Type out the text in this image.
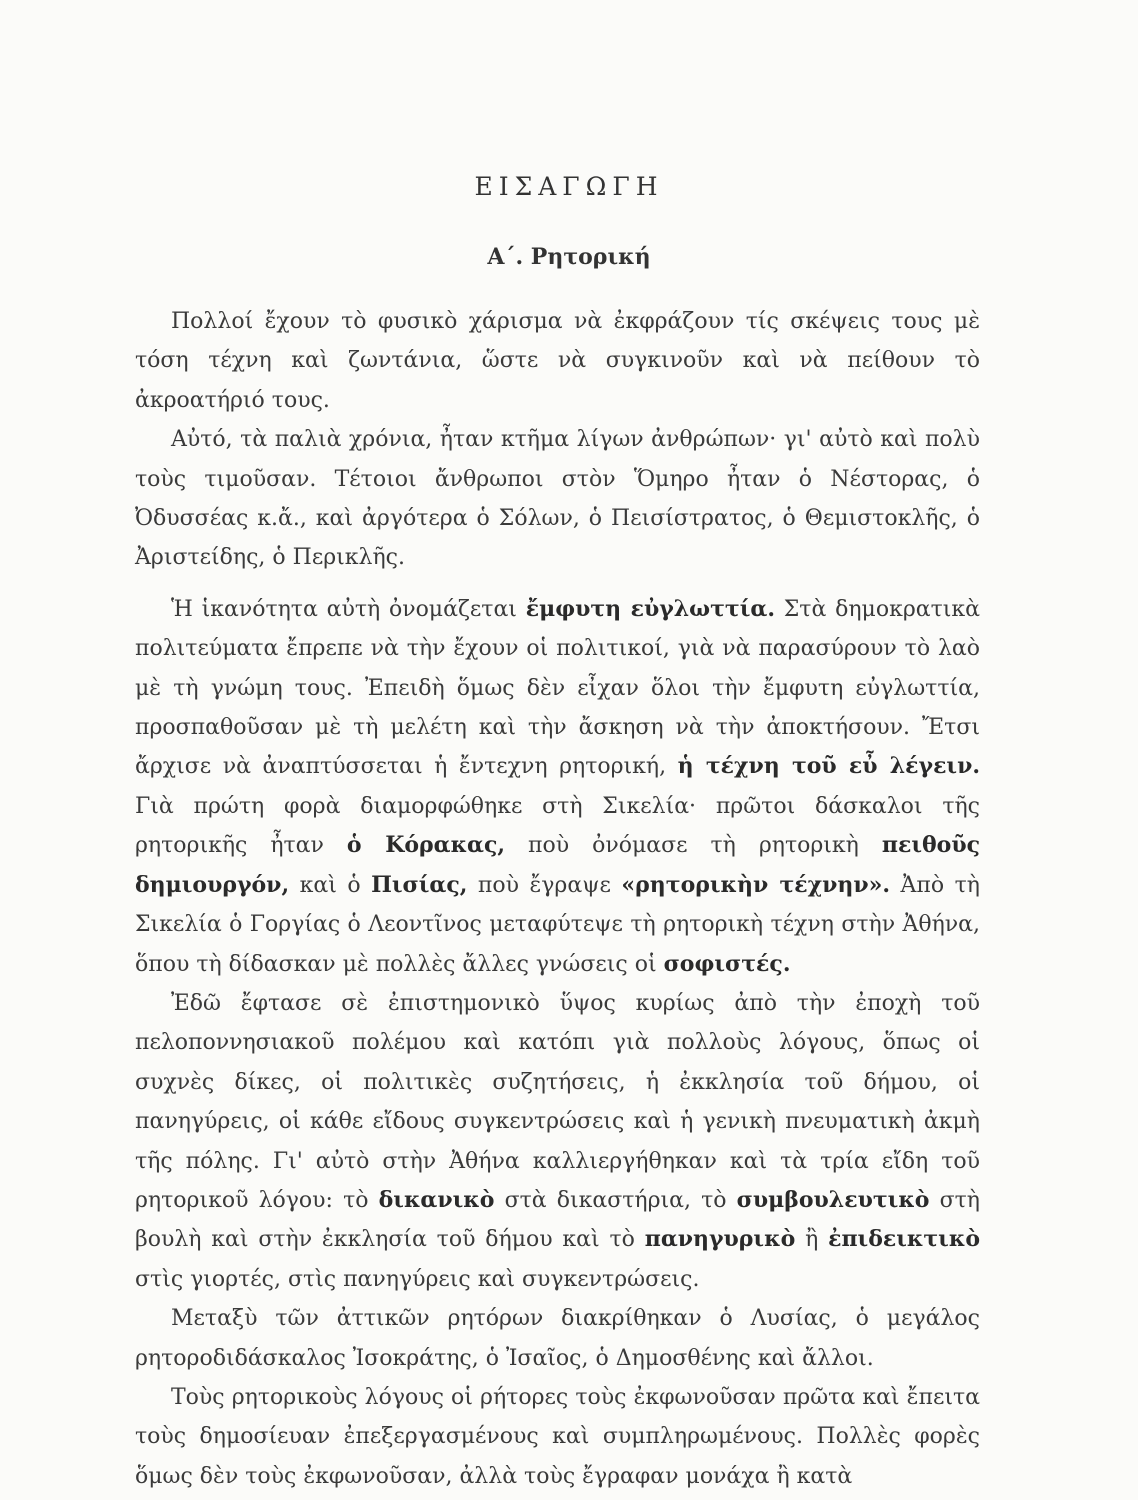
ΕΙΣΑΓΩΓΗ
Α΄. Ρητορική

Πολλοί ἔχουν τὸ φυσικὸ χάρισμα νὰ ἐκφράζουν τίς σκέψεις τους μὲ τόση τέχνη καὶ ζωντάνια, ὥστε νὰ συγκινοῦν καὶ νὰ πείθουν τὸ ἀκροατήριό τους.

Αὐτό, τὰ παλιὰ χρόνια, ἦταν κτῆμα λίγων ἀνθρώπων· γι' αὐτὸ καὶ πολὺ τοὺς τιμοῦσαν. Τέτοιοι ἄνθρωποι στὸν Ὅμηρο ἦταν ὁ Νέστορας, ὁ Ὀδυσσέας κ.ἄ., καὶ ἀργότερα ὁ Σόλων, ὁ Πεισίστρατος, ὁ Θεμιστοκλῆς, ὁ Ἀριστείδης, ὁ Περικλῆς.

Ἡ ἱκανότητα αὐτὴ ὀνομάζεται ἔμφυτη εὐγλωττία. Στὰ δημοκρατικὰ πολιτεύματα ἔπρεπε νὰ τὴν ἔχουν οἱ πολιτικοί, γιὰ νὰ παρασύρουν τὸ λαὸ μὲ τὴ γνώμη τους. Ἐπειδὴ ὅμως δὲν εἶχαν ὅλοι τὴν ἔμφυτη εὐγλωττία, προσπαθοῦσαν μὲ τὴ μελέτη καὶ τὴν ἄσκηση νὰ τὴν ἀποκτήσουν. Ἔτσι ἄρχισε νὰ ἀναπτύσσεται ἡ ἔντεχνη ρητορική, ἡ τέχνη τοῦ εὖ λέγειν. Γιὰ πρώτη φορὰ διαμορφώθηκε στὴ Σικελία· πρῶτοι δάσκαλοι τῆς ρητορικῆς ἦταν ὁ Κόρακας, ποὺ ὀνόμασε τὴ ρητορικὴ πειθοῦς δημιουργόν, καὶ ὁ Πισίας, ποὺ ἔγραψε «ρητορικὴν τέχνην». Ἀπὸ τὴ Σικελία ὁ Γοργίας ὁ Λεοντῖνος μεταφύτεψε τὴ ρητορικὴ τέχνη στὴν Ἀθήνα, ὅπου τὴ δίδασκαν μὲ πολλὲς ἄλλες γνώσεις οἱ σοφιστές.

Ἐδῶ ἔφτασε σὲ ἐπιστημονικὸ ὕψος κυρίως ἀπὸ τὴν ἐποχὴ τοῦ πελοποννησιακοῦ πολέμου καὶ κατόπι γιὰ πολλοὺς λόγους, ὅπως οἱ συχνὲς δίκες, οἱ πολιτικὲς συζητήσεις, ἡ ἐκκλησία τοῦ δήμου, οἱ πανηγύρεις, οἱ κάθε εἴδους συγκεντρώσεις καὶ ἡ γενικὴ πνευματικὴ ἀκμὴ τῆς πόλης. Γι' αὐτὸ στὴν Ἀθήνα καλλιεργήθηκαν καὶ τὰ τρία εἴδη τοῦ ρητορικοῦ λόγου: τὸ δικανικὸ στὰ δικαστήρια, τὸ συμβουλευτικὸ στὴ βουλὴ καὶ στὴν ἐκκλησία τοῦ δήμου καὶ τὸ πανηγυρικὸ ἢ ἐπιδεικτικὸ στὶς γιορτές, στὶς πανηγύρεις καὶ συγκεντρώσεις.

Μεταξὺ τῶν ἀττικῶν ρητόρων διακρίθηκαν ὁ Λυσίας, ὁ μεγάλος ρητοροδιδάσκαλος Ἰσοκράτης, ὁ Ἰσαῖος, ὁ Δημοσθένης καὶ ἄλλοι.

Τοὺς ρητορικοὺς λόγους οἱ ρήτορες τοὺς ἐκφωνοῦσαν πρῶτα καὶ ἔπειτα τοὺς δημοσίευαν ἐπεξεργασμένους καὶ συμπληρωμένους. Πολλὲς φορὲς ὅμως δὲν τοὺς ἐκφωνοῦσαν, ἀλλὰ τοὺς ἔγραφαν μονάχα ἢ κατὰ
